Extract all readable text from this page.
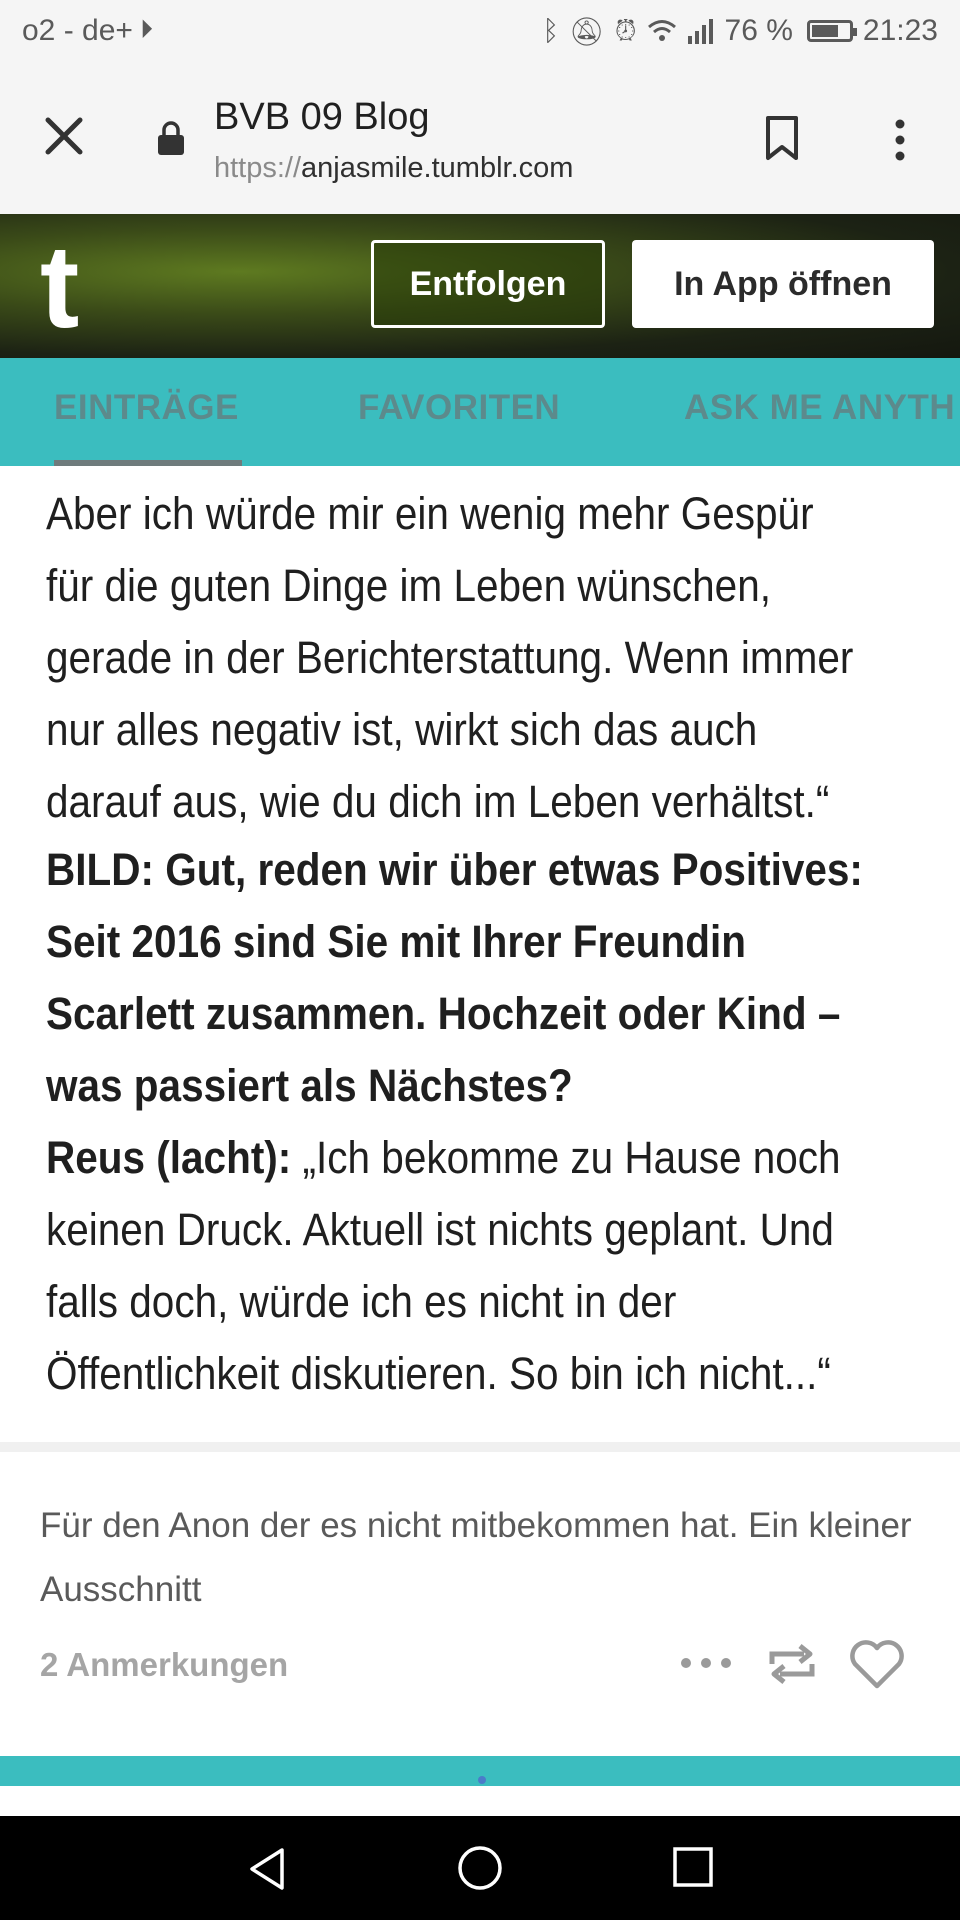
o2 - de+ ⏵	ᛒ 🔕︎ ⏰︎	76 % 21:23
BVB 09 Blog
https://anjasmile.tumblr.com
t	Entfolgen	In App öffnen
EINTRÄGE	FAVORITEN	ASK ME ANYTH
Aber ich würde mir ein wenig mehr Gespür
für die guten Dinge im Leben wünschen,
gerade in der Berichterstattung. Wenn immer
nur alles negativ ist, wirkt sich das auch
darauf aus, wie du dich im Leben verhältst.“
BILD: Gut, reden wir über etwas Positives:
Seit 2016 sind Sie mit Ihrer Freundin
Scarlett zusammen. Hochzeit oder Kind –
was passiert als Nächstes?
Reus (lacht): „Ich bekomme zu Hause noch
keinen Druck. Aktuell ist nichts geplant. Und
falls doch, würde ich es nicht in der
Öffentlichkeit diskutieren. So bin ich nicht...“
Für den Anon der es nicht mitbekommen hat. Ein kleiner Ausschnitt
2 Anmerkungen
